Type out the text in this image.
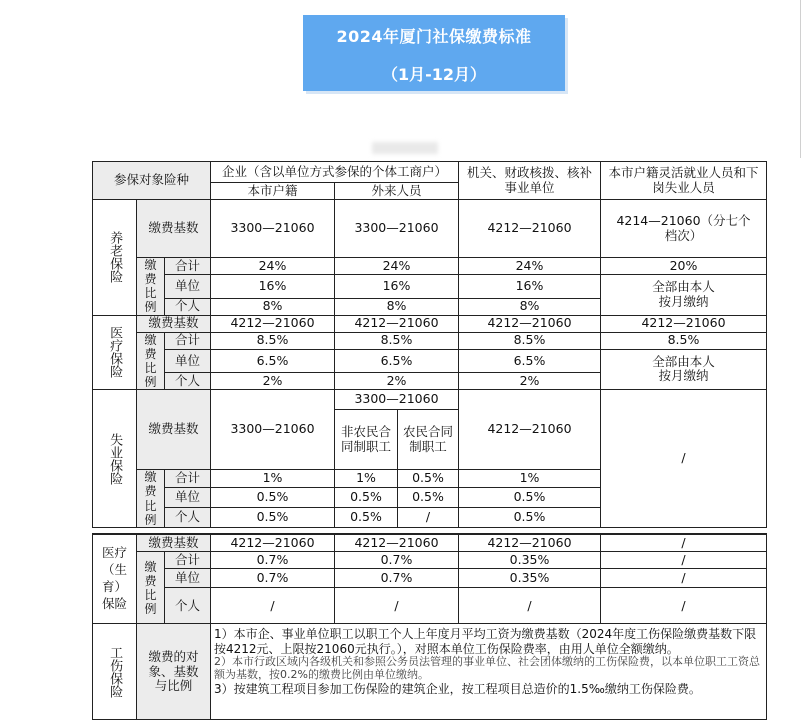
2024年厦门社保缴费标准
（1月-12月）
参保对象险种			企业（含以单位方式参保的个体工商户）			机关、财政核拨、核补事业单位	本市户籍灵活就业人员和下岗失业人员
			本市户籍	外来人员			
养老保险	缴费基数		3300—21060	3300—21060		4212—21060	4214—21060（分七个档次）
	缴费比例	合计	24%	24%		24%	20%
		单位	16%	16%		16%	全部由本人按月缴纳
		个人	8%	8%		8%	
医疗保险	缴费基数		4212—21060	4212—21060		4212—21060	4212—21060
	缴费比例	合计	8.5%	8.5%		8.5%	8.5%
		单位	6.5%	6.5%		6.5%	全部由本人按月缴纳
		个人	2%	2%		2%	
失业保险	缴费基数		3300—21060	3300—21060		4212—21060	/
				非农民合同制职工	农民合同制职工		
	缴费比例	合计	1%	1%	0.5%	1%	
		单位	0.5%	0.5%	0.5%	0.5%	
		个人	0.5%	0.5%	/	0.5%	

医疗（生育）保险	缴费基数		4212—21060	4212—21060		4212—21060	/
	缴费比例	合计	0.7%	0.7%		0.35%	/
		单位	0.7%	0.7%		0.35%	/
		个人	/	/		/	/
工伤保险	缴费的对象、基数与比例		1）本市企、事业单位职工以职工个人上年度月平均工资为缴费基数（2024年度工伤保险缴费基数下限按4212元、上限按21060元执行。），对照本单位工伤保险费率，由用人单位全额缴纳。

2）本市行政区域内各级机关和参照公务员法管理的事业单位、社会团体缴纳的工伤保险费，以本单位职工工资总额为基数，按0.2%的缴费比例由单位缴纳。

3）按建筑工程项目参加工伤保险的建筑企业，按工程项目总造价的1.5‰缴纳工伤保险费。				
